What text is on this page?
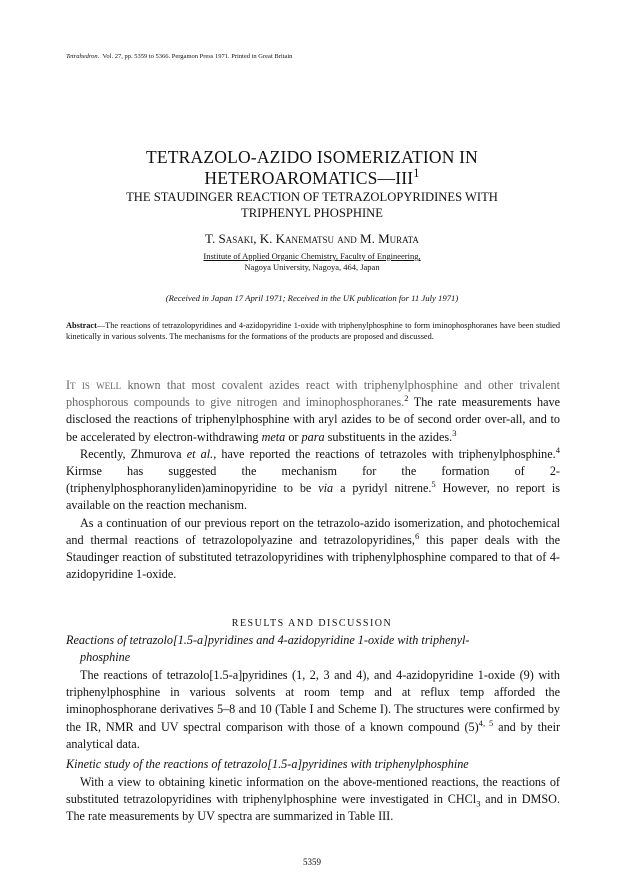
Tetrahedron. Vol. 27, pp. 5359 to 5366. Pergamon Press 1971. Printed in Great Britain
TETRAZOLO-AZIDO ISOMERIZATION IN
HETEROAROMATICS—III$^1$
THE STAUDINGER REACTION OF TETRAZOLOPYRIDINES WITH
TRIPHENYL PHOSPHINE
T. Sasaki, K. Kanematsu and M. Murata
Institute of Applied Organic Chemistry, Faculty of Engineering,
Nagoya University, Nagoya, 464, Japan
(Received in Japan 17 April 1971; Received in the UK publication for 11 July 1971)
Abstract—The reactions of tetrazolopyridines and 4-azidopyridine 1-oxide with triphenylphosphine to form iminophosphoranes have been studied kinetically in various solvents. The mechanisms for the formations of the products are proposed and discussed.

It is well known that most covalent azides react with triphenylphosphine and other trivalent phosphorous compounds to give nitrogen and iminophosphoranes.$^2$ The rate measurements have disclosed the reactions of triphenylphosphine with aryl azides to be of second order over-all, and to be accelerated by electron-withdrawing meta or para substituents in the azides.$^3$

Recently, Zhmurova et al., have reported the reactions of tetrazoles with triphenylphosphine.$^4$ Kirmse has suggested the mechanism for the formation of 2-(triphenylphosphoranyliden)aminopyridine to be via a pyridyl nitrene.$^5$ However, no report is available on the reaction mechanism.

As a continuation of our previous report on the tetrazolo-azido isomerization, and photochemical and thermal reactions of tetrazolopolyazine and tetrazolopyridines,$^6$ this paper deals with the Staudinger reaction of substituted tetrazolopyridines with triphenylphosphine compared to that of 4-azidopyridine 1-oxide.

RESULTS AND DISCUSSION
Reactions of tetrazolo[1.5-a]pyridines and 4-azidopyridine 1-oxide with triphenyl-
phosphine

The reactions of tetrazolo[1.5-a]pyridines (1, 2, 3 and 4), and 4-azidopyridine 1-oxide (9) with triphenylphosphine in various solvents at room temp and at reflux temp afforded the iminophosphorane derivatives 5–8 and 10 (Table I and Scheme I). The structures were confirmed by the IR, NMR and UV spectral comparison with those of a known compound $(5)^{4, 5}$ and by their analytical data.

Kinetic study of the reactions of tetrazolo[1.5-a]pyridines with triphenylphosphine

With a view to obtaining kinetic information on the above-mentioned reactions, the reactions of substituted tetrazolopyridines with triphenylphosphine were investigated in CHCl$_3$ and in DMSO. The rate measurements by UV spectra are summarized in Table III.

5359
